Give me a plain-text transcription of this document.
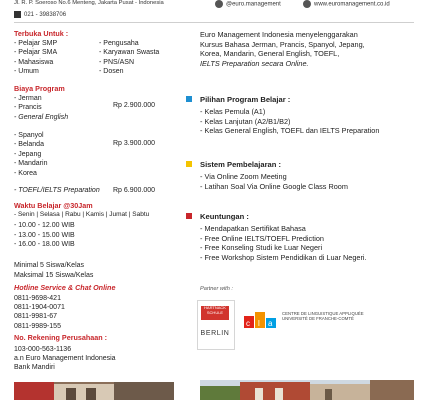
Jl. R. P. Soeroso No.6 Menteng, Jakarta Pusat - Indonesia
021 - 39838706
@euro.management	www.euromanagement.co.id
Terbuka Untuk :
- Pelajar SMP
- Pelajar SMA
- Mahasiswa
- Umum
- Pengusaha
- Karyawan Swasta
- PNS/ASN
- Dosen
Biaya Program
- Jerman
- Prancis
- General English
Rp 2.900.000
- Spanyol
- Belanda
- Jepang
- Mandarin
- Korea
Rp 3.900.000
- TOEFL/IELTS Preparation Rp 6.900.000
Waktu Belajar @30Jam
- Senin | Selasa | Rabu | Kamis | Jumat | Sabtu
- 10.00 - 12.00 WIB
- 13.00 - 15.00 WIB
- 16.00 - 18.00 WIB
Minimal 5 Siswa/Kelas
Maksimal 15 Siswa/Kelas
Hotline Service & Chat Online
0811-9698-421
0811-1904-0071
0811-9981-67
0811-9989-155
No. Rekening Perusahaan :
103-000-563-1136
a.n Euro Management Indonesia
Bank Mandiri
Euro Management Indonesia menyelenggarakan
Kursus Bahasa Jerman, Prancis, Spanyol, Jepang,
Korea, Mandarin, General English, TOEFL,
IELTS Preparation secara Online.
Pilihan Program Belajar :
- Kelas Pemula (A1)
- Kelas Lanjutan (A2/B1/B2)
- Kelas General English, TOEFL dan IELTS Preparation
Sistem Pembelajaran :
- Via Online Zoom Meeting
- Latihan Soal Via Online Google Class Room
Keuntungan :
- Mendapatkan Sertifikat Bahasa
- Free Online IELTS/TOEFL Prediction
- Free Konseling Studi ke Luar Negeri
- Free Workshop Sistem Pendidikan di Luar Negeri.
Partner with :
HARTNACK SCHULE
BERLIN
c l a
CENTRE DE LINGUISTIQUE APPLIQUÉE
UNIVERSITÉ DE FRANCHE-COMTÉ
